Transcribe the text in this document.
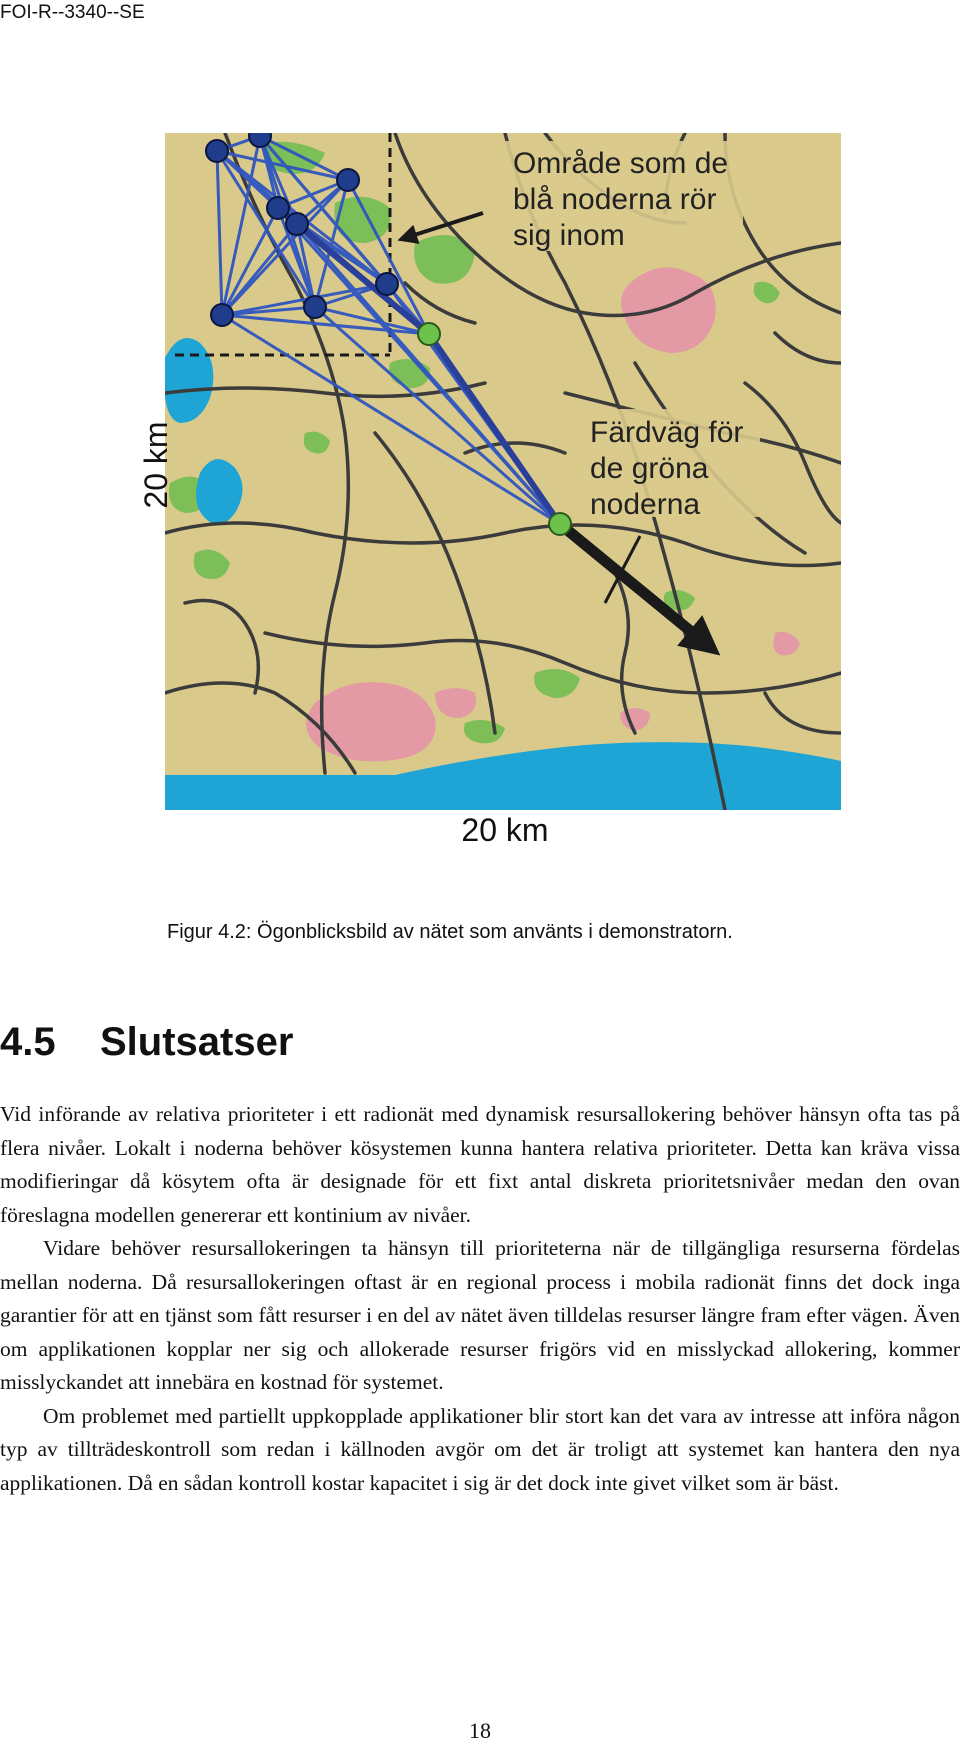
FOI-R--3340--SE
Område som de
blå noderna rör
sig inom
Färdväg för
de gröna
noderna
20 km
20 km
Figur 4.2: Ögonblicksbild av nätet som använts i demonstratorn.
4.5 Slutsatser

Vid införande av relativa prioriteter i ett radionät med dynamisk resursallokering behöver hänsyn ofta tas på flera nivåer. Lokalt i noderna behöver kösystemen kunna hantera relativa prioriteter. Detta kan kräva vissa modifieringar då kösytem ofta är designade för ett fixt antal diskreta prioritetsnivåer medan den ovan föreslagna modellen genererar ett kontinium av nivåer.

Vidare behöver resursallokeringen ta hänsyn till prioriteterna när de tillgängliga resurserna fördelas mellan noderna. Då resursallokeringen oftast är en regional process i mobila radionät finns det dock inga garantier för att en tjänst som fått resurser i en del av nätet även tilldelas resurser längre fram efter vägen. Även om applikationen kopplar ner sig och allokerade resurser frigörs vid en misslyckad allokering, kommer misslyckandet att innebära en kostnad för systemet.

Om problemet med partiellt uppkopplade applikationer blir stort kan det vara av intresse att införa någon typ av tillträdeskontroll som redan i källnoden avgör om det är troligt att systemet kan hantera den nya applikationen. Då en sådan kontroll kostar kapacitet i sig är det dock inte givet vilket som är bäst.

18
